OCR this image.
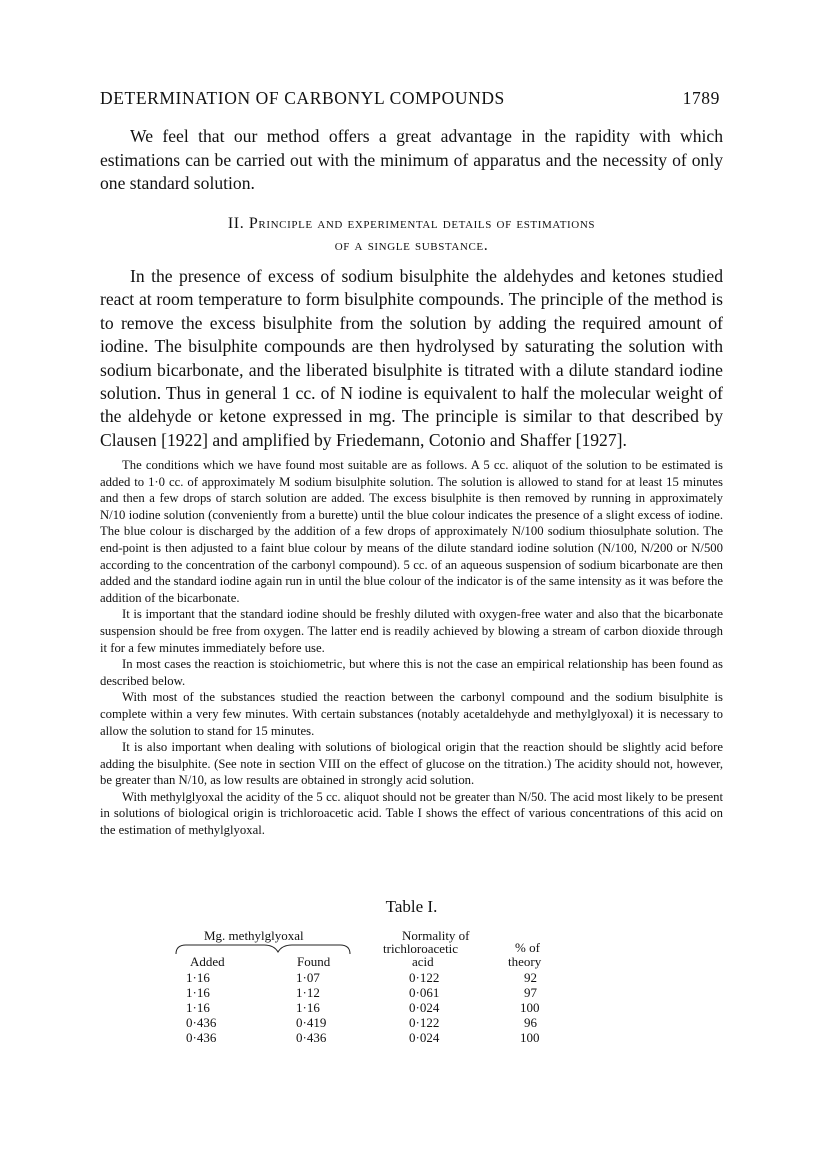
DETERMINATION OF CARBONYL COMPOUNDS	1789

We feel that our method offers a great advantage in the rapidity with which estimations can be carried out with the minimum of apparatus and the necessity of only one standard solution.

II. Principle and experimental details of estimations
of a single substance.

In the presence of excess of sodium bisulphite the aldehydes and ketones studied react at room temperature to form bisulphite compounds. The principle of the method is to remove the excess bisulphite from the solution by adding the required amount of iodine. The bisulphite compounds are then hydrolysed by saturating the solution with sodium bicarbonate, and the liberated bisulphite is titrated with a dilute standard iodine solution. Thus in general 1 cc. of N iodine is equivalent to half the molecular weight of the aldehyde or ketone expressed in mg. The principle is similar to that described by Clausen [1922] and amplified by Friedemann, Cotonio and Shaffer [1927].

The conditions which we have found most suitable are as follows. A 5 cc. aliquot of the solution to be estimated is added to 1·0 cc. of approximately M sodium bisulphite solution. The solution is allowed to stand for at least 15 minutes and then a few drops of starch solution are added. The excess bisulphite is then removed by running in approximately N/10 iodine solution (conveniently from a burette) until the blue colour indicates the presence of a slight excess of iodine. The blue colour is discharged by the addition of a few drops of approximately N/100 sodium thiosulphate solution. The end-point is then adjusted to a faint blue colour by means of the dilute standard iodine solution (N/100, N/200 or N/500 according to the concentration of the carbonyl compound). 5 cc. of an aqueous suspension of sodium bicarbonate are then added and the standard iodine again run in until the blue colour of the indicator is of the same intensity as it was before the addition of the bicarbonate.

It is important that the standard iodine should be freshly diluted with oxygen-free water and also that the bicarbonate suspension should be free from oxygen. The latter end is readily achieved by blowing a stream of carbon dioxide through it for a few minutes immediately before use.

In most cases the reaction is stoichiometric, but where this is not the case an empirical relationship has been found as described below.

With most of the substances studied the reaction between the carbonyl compound and the sodium bisulphite is complete within a very few minutes. With certain substances (notably acetaldehyde and methylglyoxal) it is necessary to allow the solution to stand for 15 minutes.

It is also important when dealing with solutions of biological origin that the reaction should be slightly acid before adding the bisulphite. (See note in section VIII on the effect of glucose on the titration.) The acidity should not, however, be greater than N/10, as low results are obtained in strongly acid solution.

With methylglyoxal the acidity of the 5 cc. aliquot should not be greater than N/50. The acid most likely to be present in solutions of biological origin is trichloroacetic acid. Table I shows the effect of various concentrations of this acid on the estimation of methylglyoxal.

Table I.
Mg. methylglyoxal
Added	Found
Normality of
trichloroacetic
acid
% of
theory
1·16	1·07	0·122	92
1·16	1·12	0·061	97
1·16	1·16	0·024	100
0·436	0·419	0·122	96
0·436	0·436	0·024	100
